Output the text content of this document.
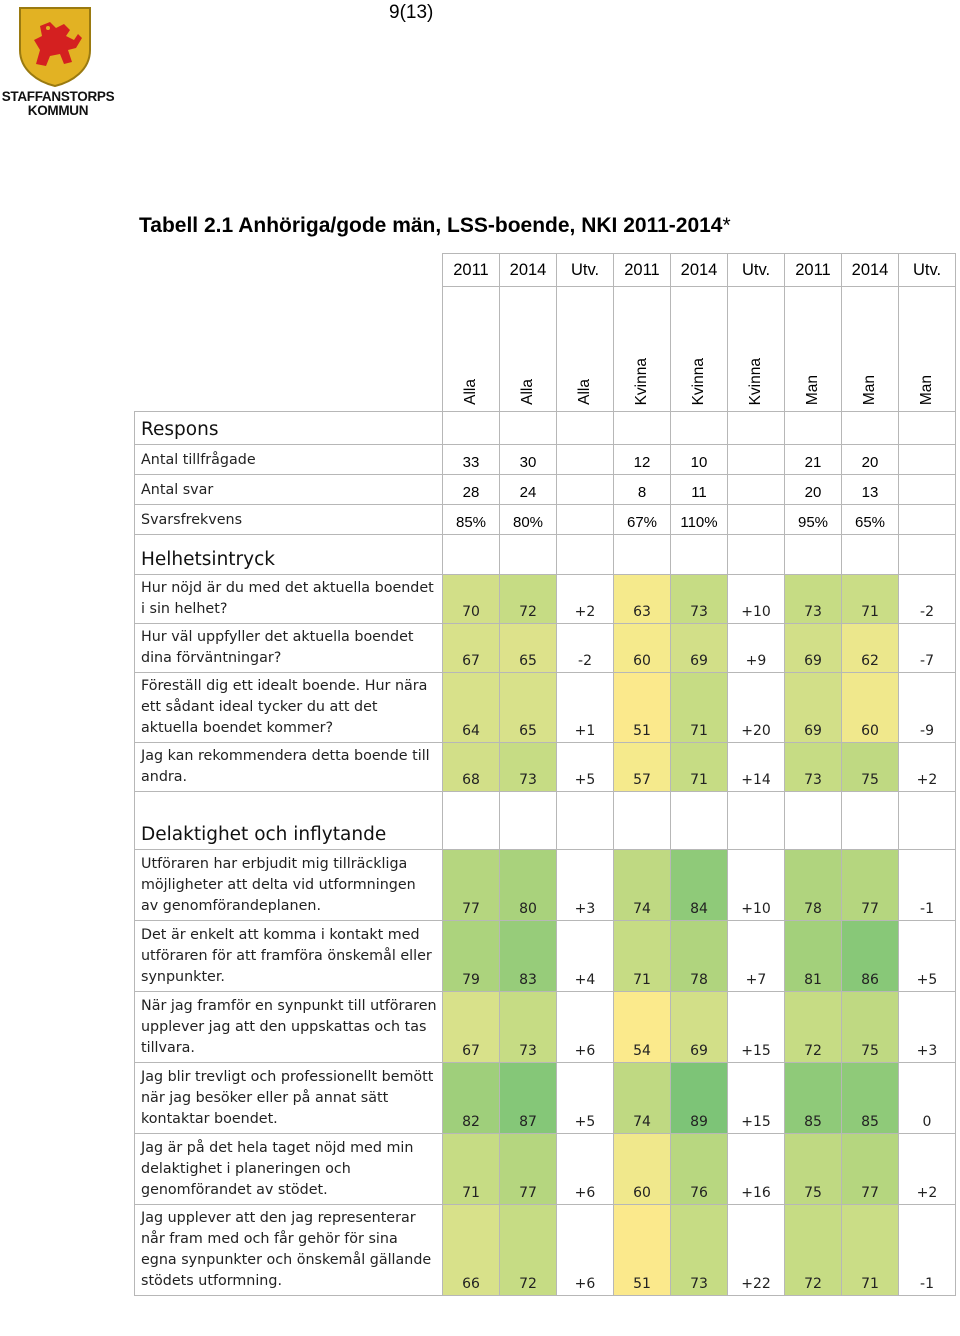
9(13)
STAFFANSTORPS
KOMMUN
Tabell 2.1 Anhöriga/gode män, LSS-boende, NKI 2011-2014*
	2011	2014	Utv.	2011	2014	Utv.	2011	2014	Utv.

	Alla	Alla	Alla	Kvinna	Kvinna	Kvinna	Man	Man	Man

Respons									
Antal tillfrågade	33	30		12	10		21	20	
Antal svar	28	24		8	11		20	13	
Svarsfrekvens	85%	80%		67%	110%		95%	65%	
Helhetsintryck									
Hur nöjd är du med det aktuella boendet i sin helhet?	70	72	+2	63	73	+10	73	71	-2
Hur väl uppfyller det aktuella boendet dina förväntningar?	67	65	-2	60	69	+9	69	62	-7
Föreställ dig ett idealt boende. Hur nära ett sådant ideal tycker du att det aktuella boendet kommer?	64	65	+1	51	71	+20	69	60	-9
Jag kan rekommendera detta boende till andra.	68	73	+5	57	71	+14	73	75	+2
Delaktighet och inflytande									
Utföraren har erbjudit mig tillräckliga möjligheter att delta vid utformningen av genomförandeplanen.	77	80	+3	74	84	+10	78	77	-1
Det är enkelt att komma i kontakt med utföraren för att framföra önskemål eller synpunkter.	79	83	+4	71	78	+7	81	86	+5
När jag framför en synpunkt till utföraren upplever jag att den uppskattas och tas tillvara.	67	73	+6	54	69	+15	72	75	+3
Jag blir trevligt och professionellt bemött när jag besöker eller på annat sätt kontaktar boendet.	82	87	+5	74	89	+15	85	85	0
Jag är på det hela taget nöjd med min delaktighet i planeringen och genomförandet av stödet.	71	77	+6	60	76	+16	75	77	+2
Jag upplever att den jag representerar når fram med och får gehör för sina egna synpunkter och önskemål gällande stödets utformning.	66	72	+6	51	73	+22	72	71	-1
